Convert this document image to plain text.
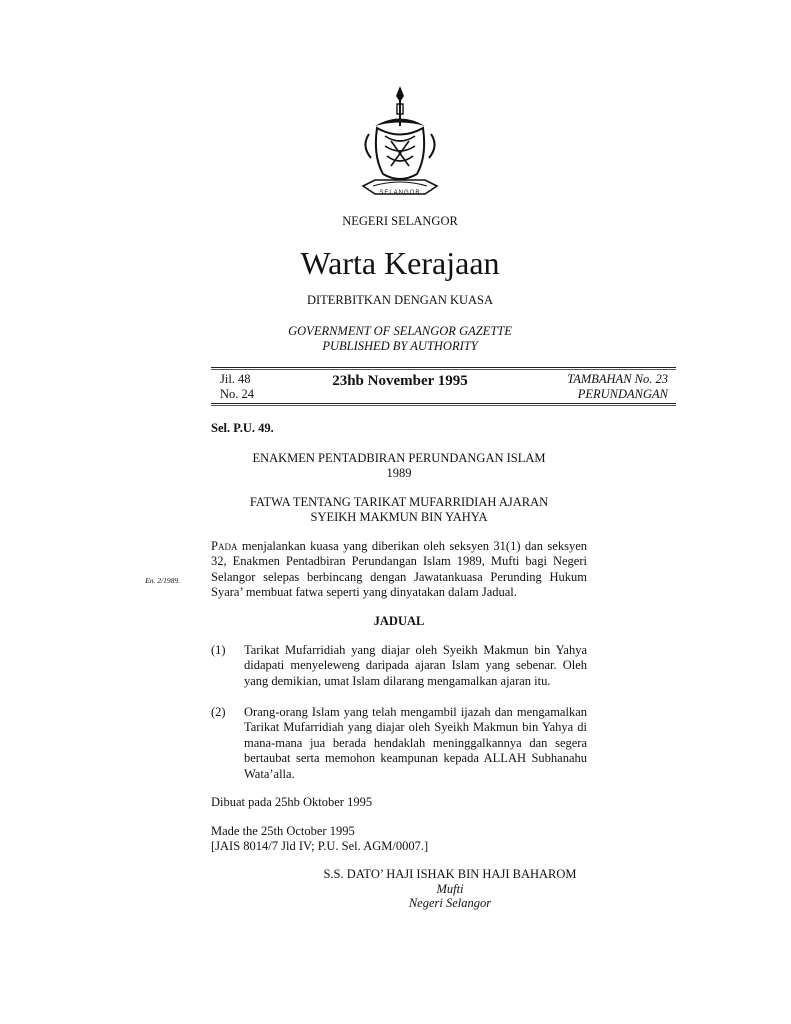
SELANGOR
NEGERI SELANGOR
Warta Kerajaan
DITERBITKAN DENGAN KUASA
GOVERNMENT OF SELANGOR GAZETTE
PUBLISHED BY AUTHORITY
Jil. 48
No. 24
23hb November 1995	TAMBAHAN No. 23
PERUNDANGAN
Sel. P.U. 49.
ENAKMEN PENTADBIRAN PERUNDANGAN ISLAM
1989
FATWA TENTANG TARIKAT MUFARRIDIAH AJARAN
SYEIKH MAKMUN BIN YAHYA
Pada menjalankan kuasa yang diberikan oleh seksyen 31(1) dan seksyen 32, Enakmen Pentadbiran Perundangan Islam 1989, Mufti bagi Negeri Selangor selepas berbincang dengan Jawatankuasa Perunding Hukum Syara’ membuat fatwa seperti yang dinyatakan dalam Jadual.
En. 2/1989.
JADUAL
(1) Tarikat Mufarridiah yang diajar oleh Syeikh Makmun bin Yahya didapati menyeleweng daripada ajaran Islam yang sebenar. Oleh yang demikian, umat Islam dilarang mengamalkan ajaran itu.
(2) Orang-orang Islam yang telah mengambil ijazah dan mengamalkan Tarikat Mufarridiah yang diajar oleh Syeikh Makmun bin Yahya di mana-mana jua berada hendaklah meninggalkannya dan segera bertaubat serta memohon keampunan kepada ALLAH Subhanahu Wata’alla.
Dibuat pada 25hb Oktober 1995
Made the 25th October 1995
[JAIS 8014/7 Jld IV; P.U. Sel. AGM/0007.]
S.S. DATO’ HAJI ISHAK BIN HAJI BAHAROM
Mufti
Negeri Selangor
